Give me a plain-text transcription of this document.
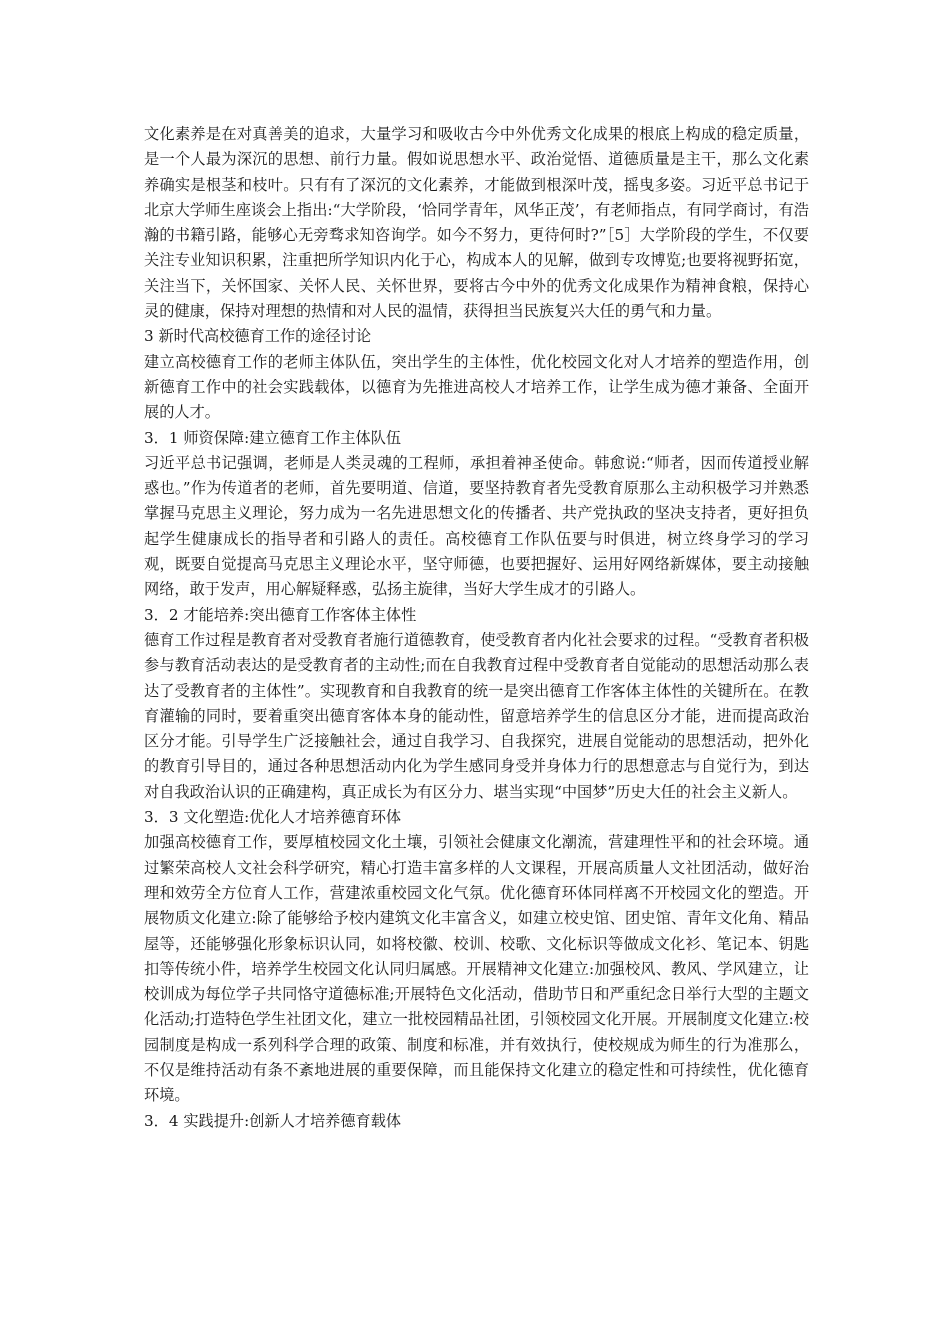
文化素养是在对真善美的追求，大量学习和吸收古今中外优秀文化成果的根底上构成的稳定质量，是一个人最为深沉的思想、前行力量。假如说思想水平、政治觉悟、道德质量是主干，那么文化素养确实是根茎和枝叶。只有有了深沉的文化素养，才能做到根深叶茂，摇曳多姿。习近平总书记于北京大学师生座谈会上指出:“大学阶段，‘恰同学青年，风华正茂’，有老师指点，有同学商讨，有浩瀚的书籍引路，能够心无旁骛求知咨询学。如今不努力，更待何时?”［5］大学阶段的学生，不仅要关注专业知识积累，注重把所学知识内化于心，构成本人的见解，做到专攻博览;也要将视野拓宽，关注当下，关怀国家、关怀人民、关怀世界，要将古今中外的优秀文化成果作为精神食粮，保持心灵的健康，保持对理想的热情和对人民的温情，获得担当民族复兴大任的勇气和力量。

3 新时代高校德育工作的途径讨论

建立高校德育工作的老师主体队伍，突出学生的主体性，优化校园文化对人才培养的塑造作用，创新德育工作中的社会实践载体，以德育为先推进高校人才培养工作，让学生成为德才兼备、全面开展的人才。

3．1 师资保障:建立德育工作主体队伍

习近平总书记强调，老师是人类灵魂的工程师，承担着神圣使命。韩愈说:“师者，因而传道授业解惑也。”作为传道者的老师，首先要明道、信道，要坚持教育者先受教育原那么主动积极学习并熟悉掌握马克思主义理论，努力成为一名先进思想文化的传播者、共产党执政的坚决支持者，更好担负起学生健康成长的指导者和引路人的责任。高校德育工作队伍要与时俱进，树立终身学习的学习观，既要自觉提高马克思主义理论水平，坚守师德，也要把握好、运用好网络新媒体，要主动接触网络，敢于发声，用心解疑释惑，弘扬主旋律，当好大学生成才的引路人。

3．2 才能培养:突出德育工作客体主体性

德育工作过程是教育者对受教育者施行道德教育，使受教育者内化社会要求的过程。“受教育者积极参与教育活动表达的是受教育者的主动性;而在自我教育过程中受教育者自觉能动的思想活动那么表达了受教育者的主体性”。实现教育和自我教育的统一是突出德育工作客体主体性的关键所在。在教育灌输的同时，要着重突出德育客体本身的能动性，留意培养学生的信息区分才能，进而提高政治区分才能。引导学生广泛接触社会，通过自我学习、自我探究，进展自觉能动的思想活动，把外化的教育引导目的，通过各种思想活动内化为学生感同身受并身体力行的思想意志与自觉行为，到达对自我政治认识的正确建构，真正成长为有区分力、堪当实现“中国梦”历史大任的社会主义新人。

3．3 文化塑造:优化人才培养德育环体

加强高校德育工作，要厚植校园文化土壤，引领社会健康文化潮流，营建理性平和的社会环境。通过繁荣高校人文社会科学研究，精心打造丰富多样的人文课程，开展高质量人文社团活动，做好治理和效劳全方位育人工作，营建浓重校园文化气氛。优化德育环体同样离不开校园文化的塑造。开展物质文化建立:除了能够给予校内建筑文化丰富含义，如建立校史馆、团史馆、青年文化角、精品屋等，还能够强化形象标识认同，如将校徽、校训、校歌、文化标识等做成文化衫、笔记本、钥匙扣等传统小件，培养学生校园文化认同归属感。开展精神文化建立:加强校风、教风、学风建立，让校训成为每位学子共同恪守道德标准;开展特色文化活动，借助节日和严重纪念日举行大型的主题文化活动;打造特色学生社团文化，建立一批校园精品社团，引领校园文化开展。开展制度文化建立:校园制度是构成一系列科学合理的政策、制度和标准，并有效执行，使校规成为师生的行为准那么，不仅是维持活动有条不紊地进展的重要保障，而且能保持文化建立的稳定性和可持续性，优化德育环境。

3．4 实践提升:创新人才培养德育载体
